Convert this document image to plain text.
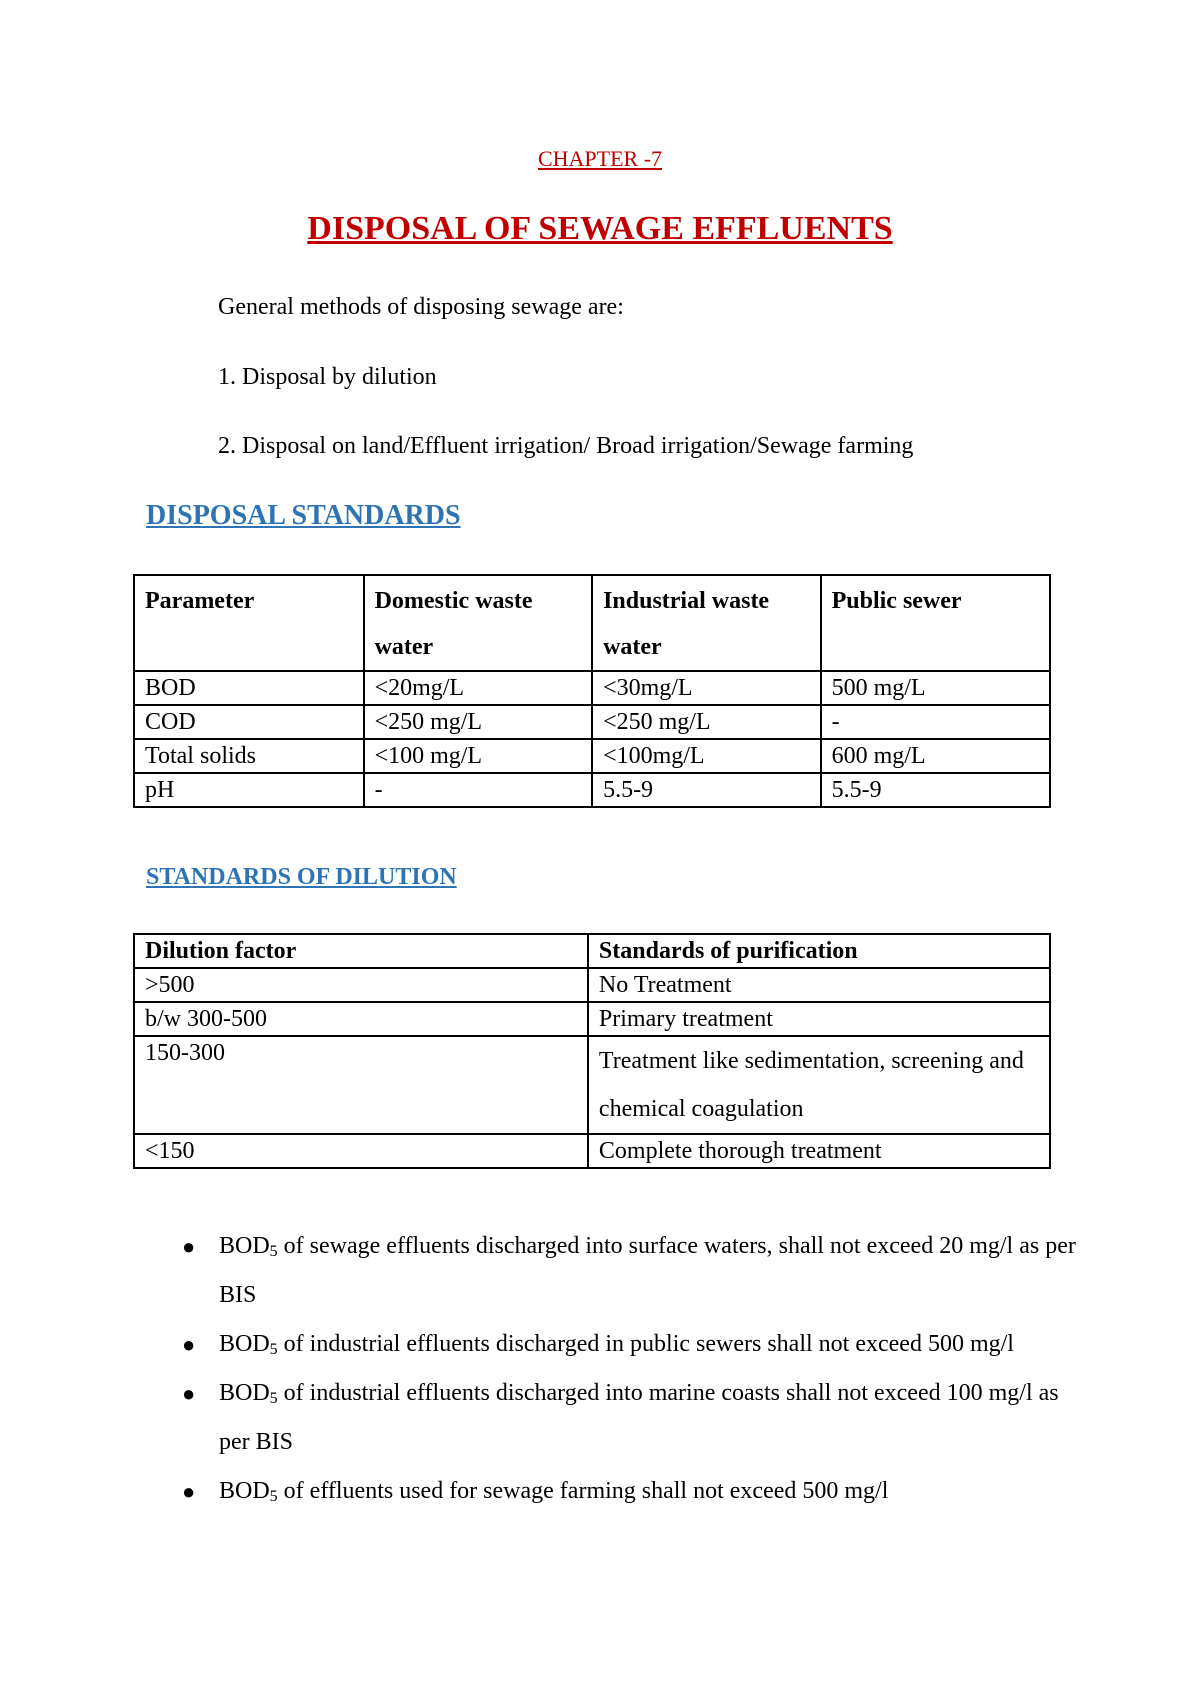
CHAPTER -7
DISPOSAL OF SEWAGE EFFLUENTS
General methods of disposing sewage are:
1. Disposal by dilution
2. Disposal on land/Effluent irrigation/ Broad irrigation/Sewage farming
DISPOSAL STANDARDS
Parameter	Domestic waste water	Industrial waste water	Public sewer
BOD	<20mg/L	<30mg/L	500 mg/L
COD	<250 mg/L	<250 mg/L	-
Total solids	<100 mg/L	<100mg/L	600 mg/L
pH	-	5.5-9	5.5-9
STANDARDS OF DILUTION
Dilution factor	Standards of purification
>500	No Treatment
b/w 300-500	Primary treatment
150-300	Treatment like sedimentation, screening and chemical coagulation
<150	Complete thorough treatment
● $BOD_5$ of sewage effluents discharged into surface waters, shall not exceed 20 mg/l as per BIS
● $BOD_5$ of industrial effluents discharged in public sewers shall not exceed 500 mg/l
● $BOD_5$ of industrial effluents discharged into marine coasts shall not exceed 100 mg/l as per BIS
● $BOD_5$ of effluents used for sewage farming shall not exceed 500 mg/l
